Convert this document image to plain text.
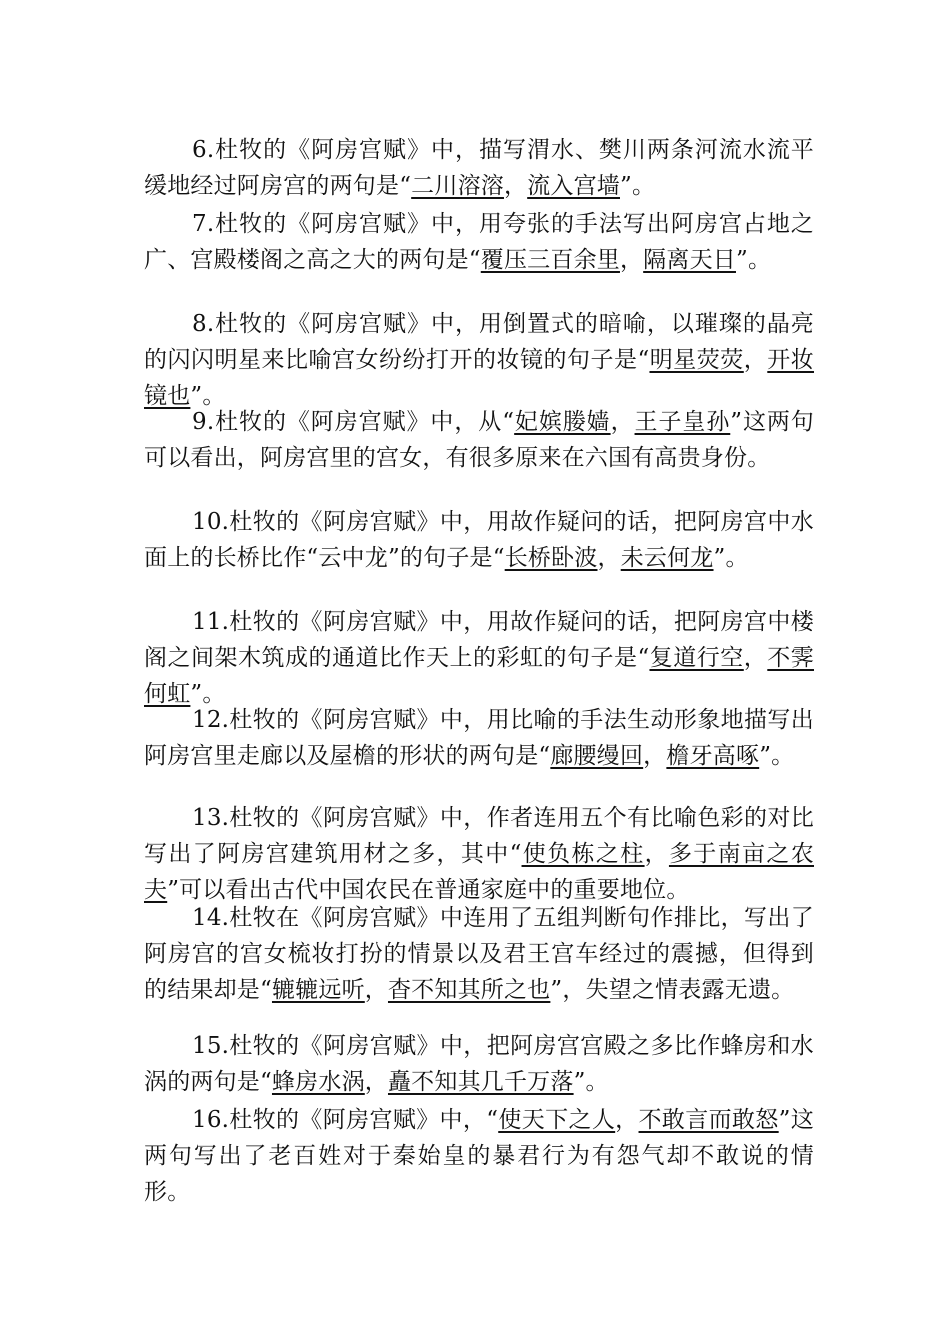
6.杜牧的《阿房宫赋》中，描写渭水、樊川两条河流水流平缓地经过阿房宫的两句是“二川溶溶，流入宫墙”。
7.杜牧的《阿房宫赋》中，用夸张的手法写出阿房宫占地之广、宫殿楼阁之高之大的两句是“覆压三百余里，隔离天日”。
8.杜牧的《阿房宫赋》中，用倒置式的暗喻，以璀璨的晶亮的闪闪明星来比喻宫女纷纷打开的妆镜的句子是“明星荧荧，开妆镜也”。
9.杜牧的《阿房宫赋》中，从“妃嫔媵嫱，王子皇孙”这两句可以看出，阿房宫里的宫女，有很多原来在六国有高贵身份。
10.杜牧的《阿房宫赋》中，用故作疑问的话，把阿房宫中水面上的长桥比作“云中龙”的句子是“长桥卧波，未云何龙”。
11.杜牧的《阿房宫赋》中，用故作疑问的话，把阿房宫中楼阁之间架木筑成的通道比作天上的彩虹的句子是“复道行空，不霁何虹”。
12.杜牧的《阿房宫赋》中，用比喻的手法生动形象地描写出阿房宫里走廊以及屋檐的形状的两句是“廊腰缦回，檐牙高啄”。
13.杜牧的《阿房宫赋》中，作者连用五个有比喻色彩的对比写出了阿房宫建筑用材之多，其中“使负栋之柱，多于南亩之农夫”可以看出古代中国农民在普通家庭中的重要地位。
14.杜牧在《阿房宫赋》中连用了五组判断句作排比，写出了阿房宫的宫女梳妆打扮的情景以及君王宫车经过的震撼，但得到的结果却是“辘辘远听，杳不知其所之也”，失望之情表露无遗。
15.杜牧的《阿房宫赋》中，把阿房宫宫殿之多比作蜂房和水涡的两句是“蜂房水涡，矗不知其几千万落”。
16.杜牧的《阿房宫赋》中，“使天下之人，不敢言而敢怒”这两句写出了老百姓对于秦始皇的暴君行为有怨气却不敢说的情形。
